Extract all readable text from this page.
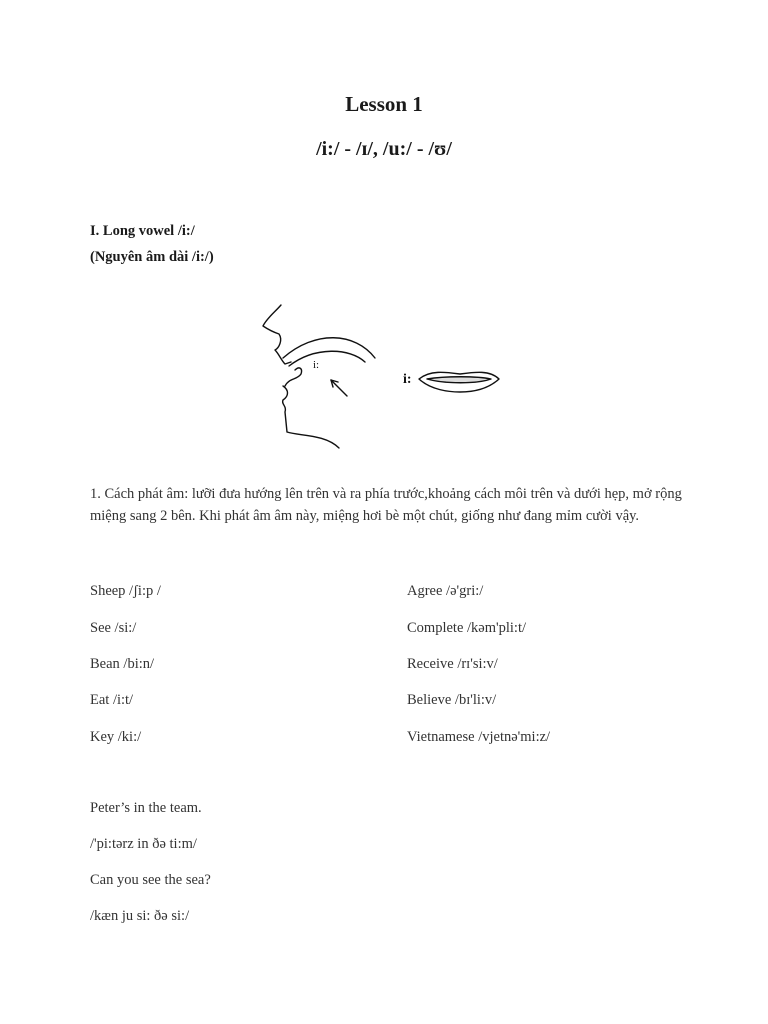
Lesson 1
/i:/ - /ɪ/, /u:/ - /ʊ/

I. Long vowel /i:/

(Nguyên âm dài /i:/)

i:
i:

1. Cách phát âm: lưỡi đưa hướng lên trên và ra phía trước,khoảng cách môi trên và dưới hẹp, mở rộng miệng sang 2 bên. Khi phát âm âm này, miệng hơi bè một chút, giống như đang mỉm cười vậy.

Sheep /ʃi:p /

See /si:/

Bean /bi:n/

Eat /i:t/

Key /ki:/

Agree /ə'gri:/

Complete /kəm'pli:t/

Receive /rɪ'si:v/

Believe /bɪ'li:v/

Vietnamese /vjetnə'mi:z/

Peter’s in the team.

/'pi:tərz in ðə ti:m/

Can you see the sea?

/kæn ju si: ðə si:/
